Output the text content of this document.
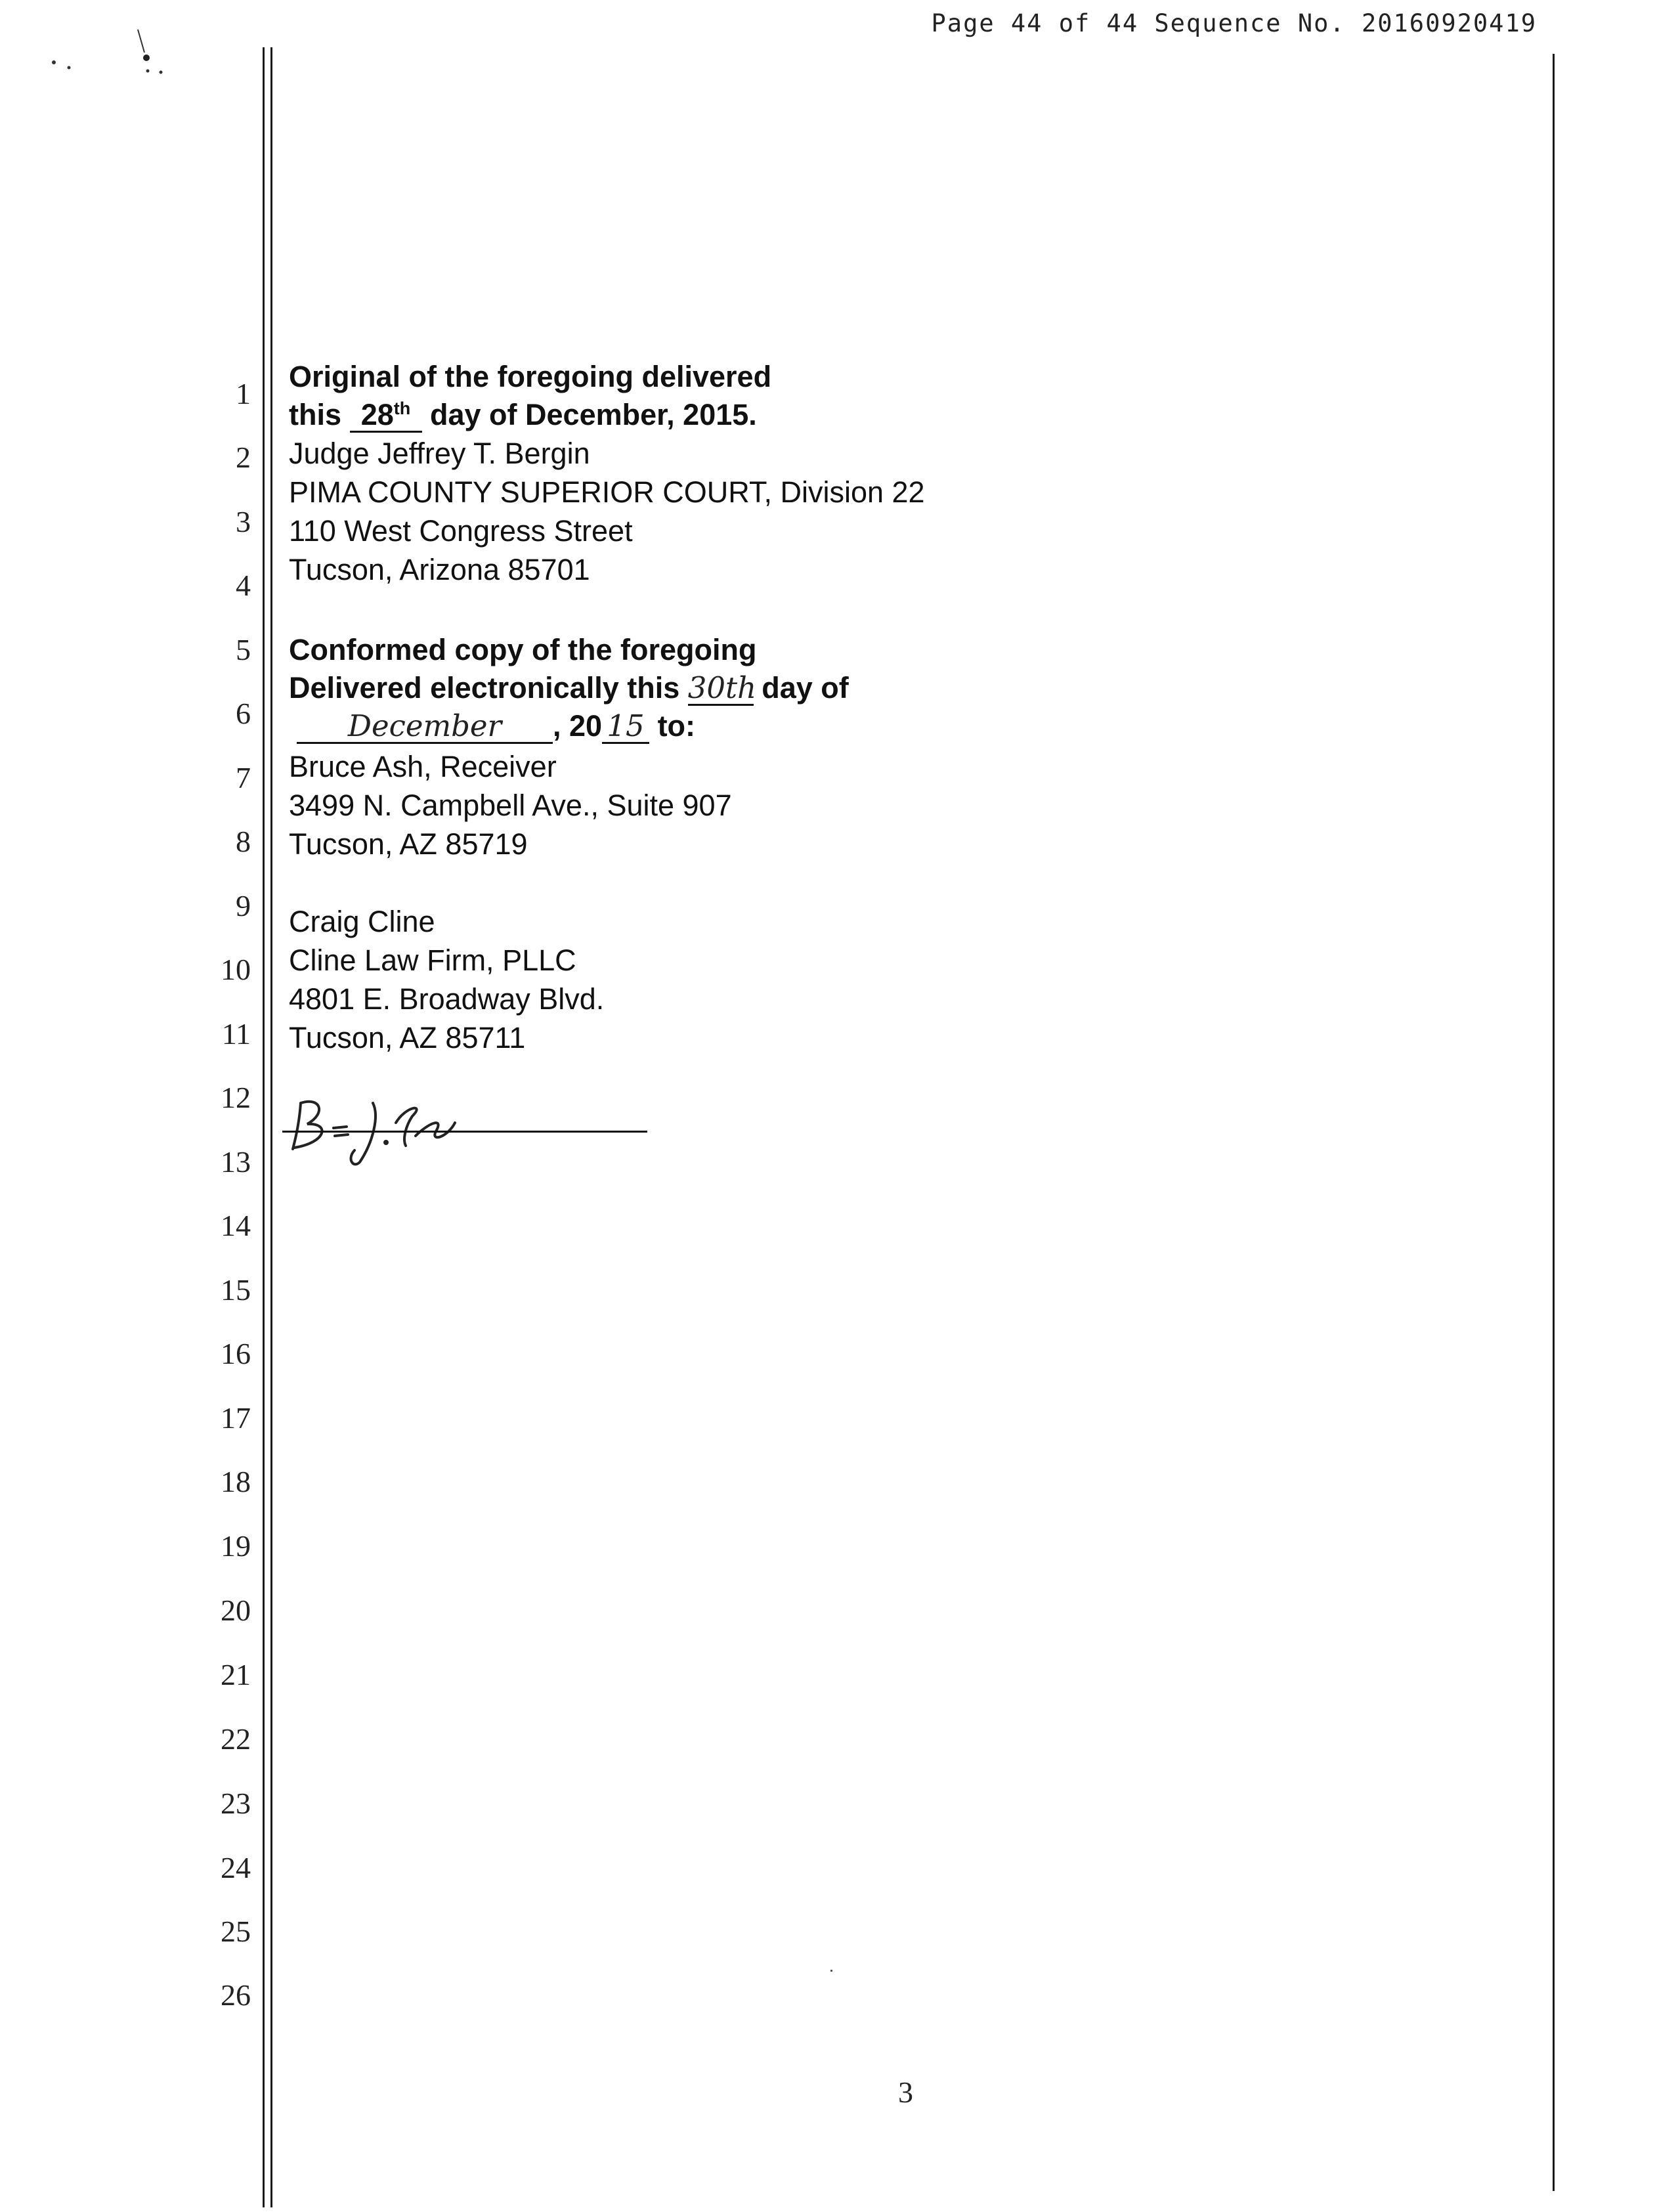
Page 44 of 44 Sequence No. 20160920419
1
2
3
4
5
6
7
8
9
10
11
12
13
14
15
16
17
18
19
20
21
22
23
24
25
26
Original of the foregoing delivered
this 28th day of December, 2015.
Judge Jeffrey T. Bergin
PIMA COUNTY SUPERIOR COURT, Division 22
110 West Congress Street
Tucson, Arizona 85701
Conformed copy of the foregoing
Delivered electronically this 30th day of
December , 20 15 to:
Bruce Ash, Receiver
3499 N. Campbell Ave., Suite 907
Tucson, AZ 85719
Craig Cline
Cline Law Firm, PLLC
4801 E. Broadway Blvd.
Tucson, AZ 85711
3
